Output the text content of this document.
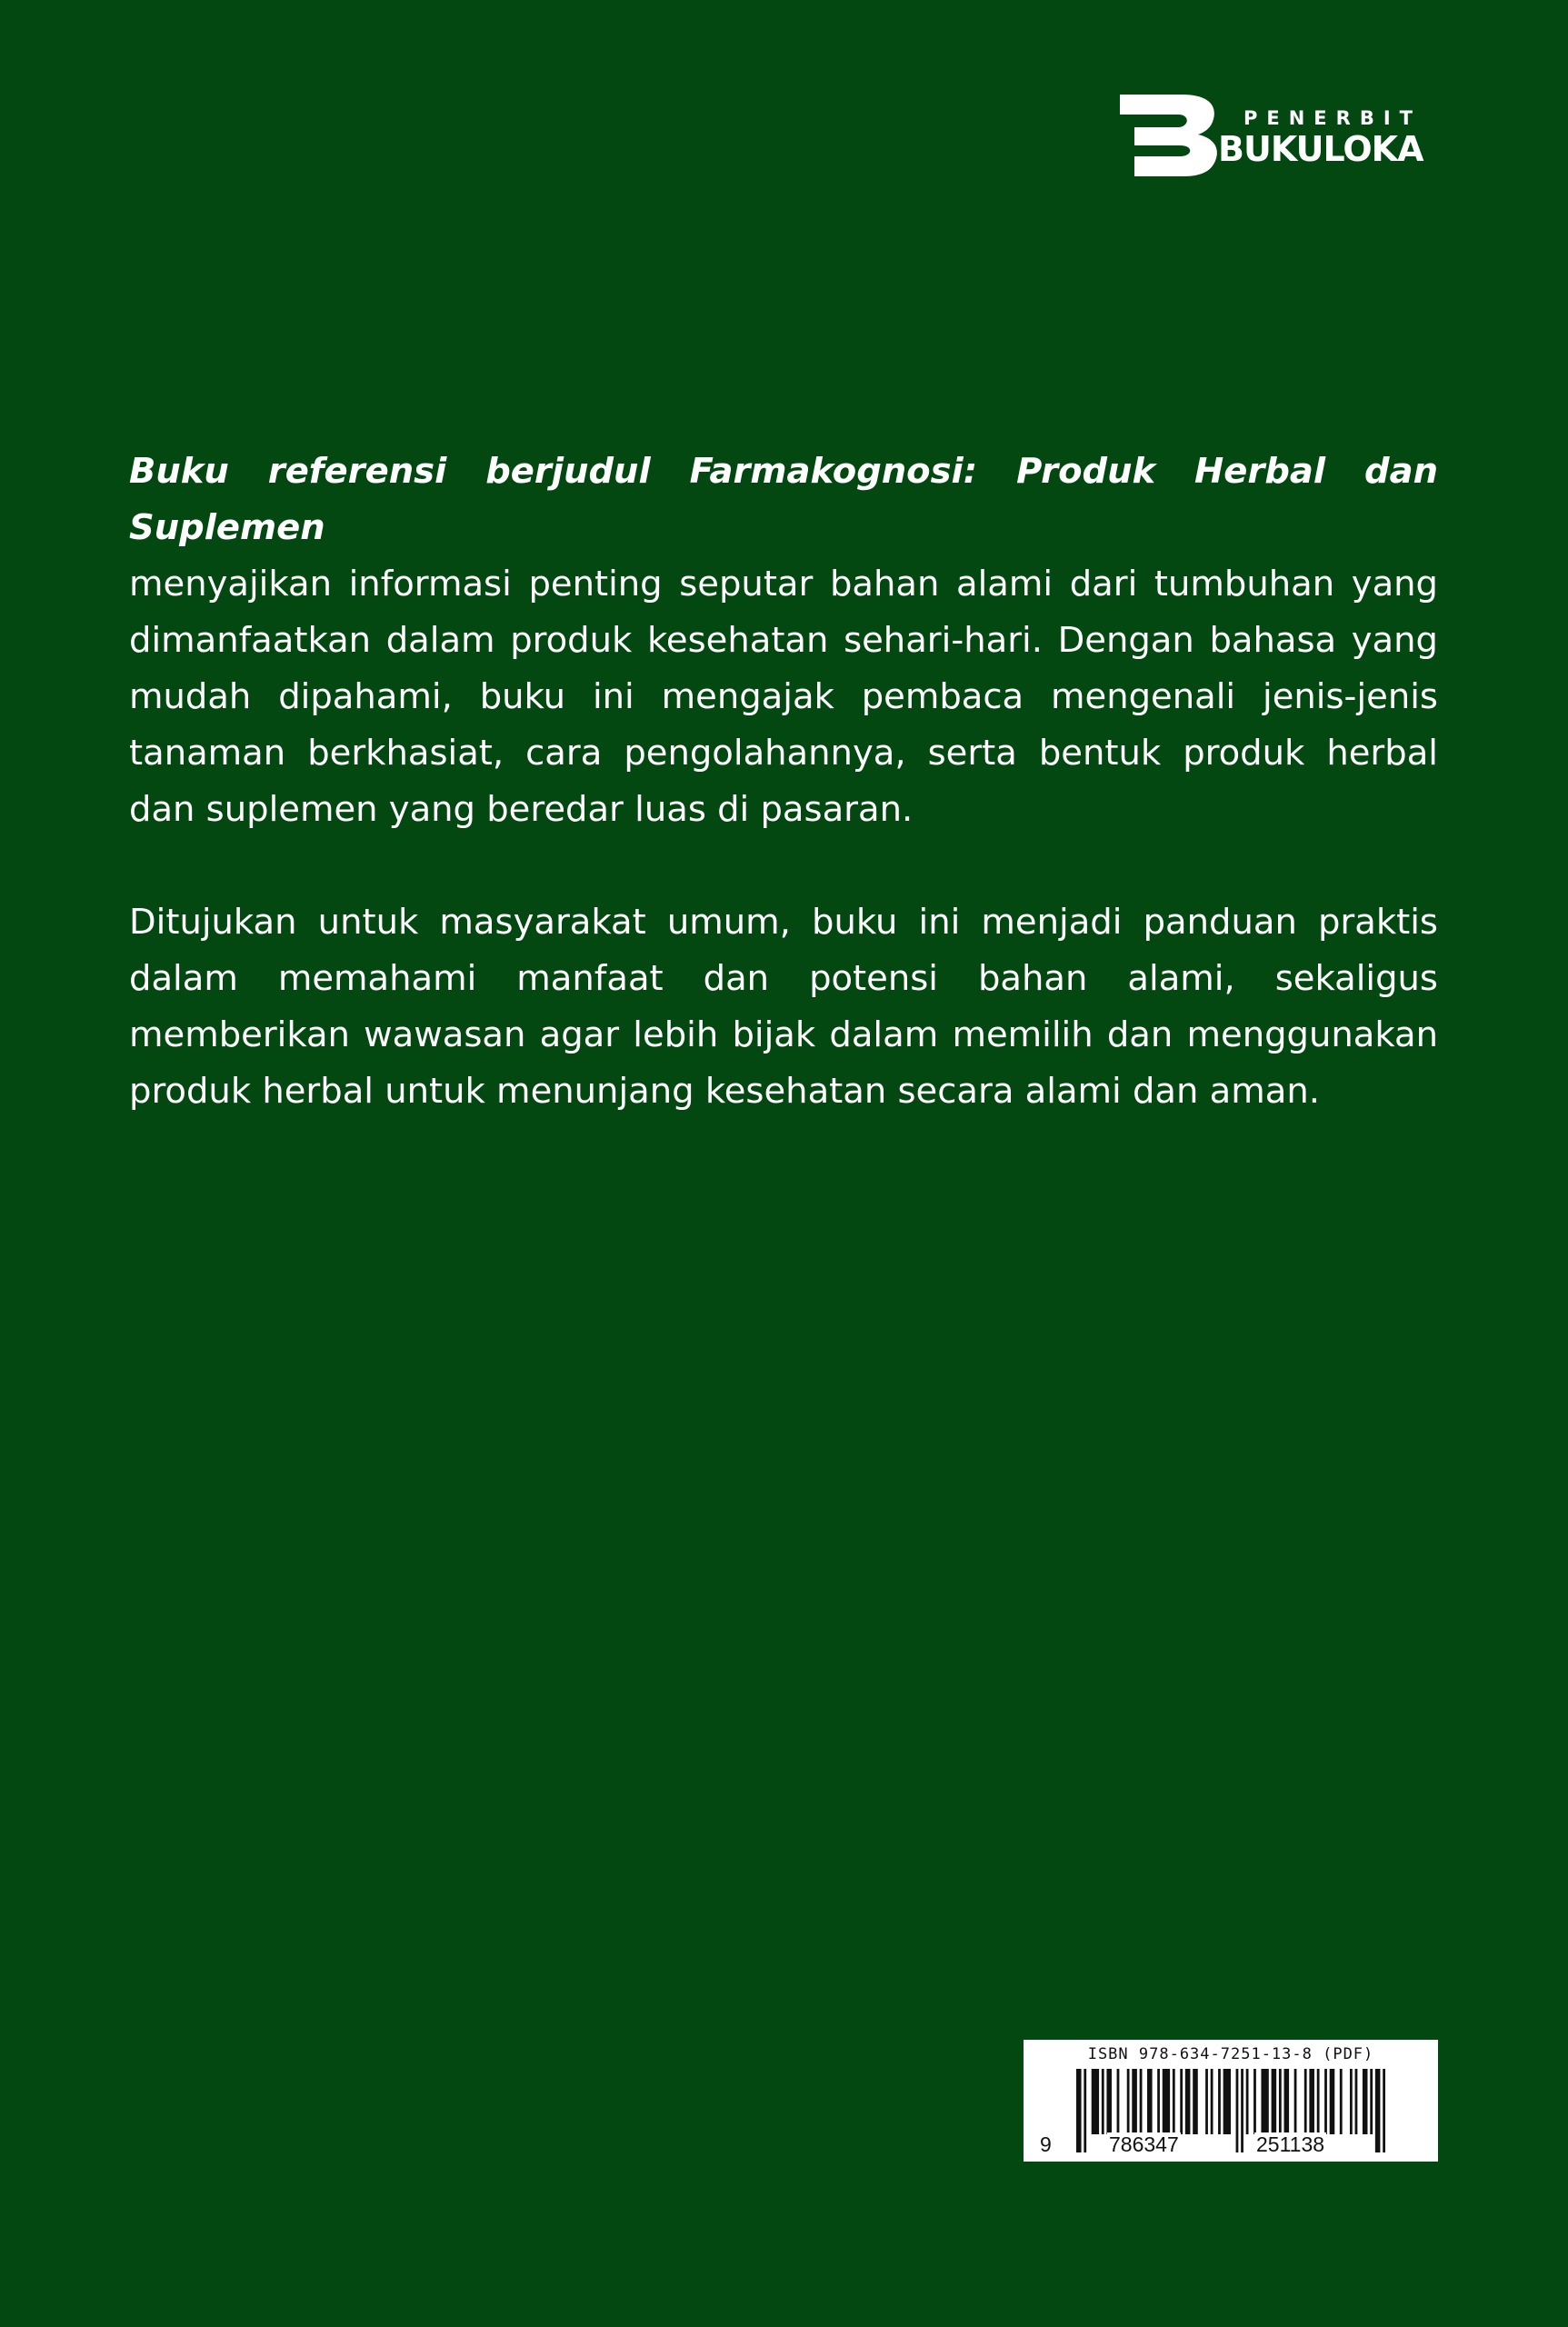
PENERBIT
BUKULOKA

Buku referensi berjudul Farmakognosi: Produk Herbal dan Suplemen
menyajikan informasi penting seputar bahan alami dari tumbuhan yang dimanfaatkan dalam produk kesehatan sehari-hari. Dengan bahasa yang mudah dipahami, buku ini mengajak pembaca mengenali jenis-jenis tanaman berkhasiat, cara pengolahannya, serta bentuk produk herbal dan suplemen yang beredar luas di pasaran.

Ditujukan untuk masyarakat umum, buku ini menjadi panduan praktis dalam memahami manfaat dan potensi bahan alami, sekaligus memberikan wawasan agar lebih bijak dalam memilih dan menggunakan produk herbal untuk menunjang kesehatan secara alami dan aman.

ISBN 978-634-7251-13-8 (PDF)
9	786347	251138
